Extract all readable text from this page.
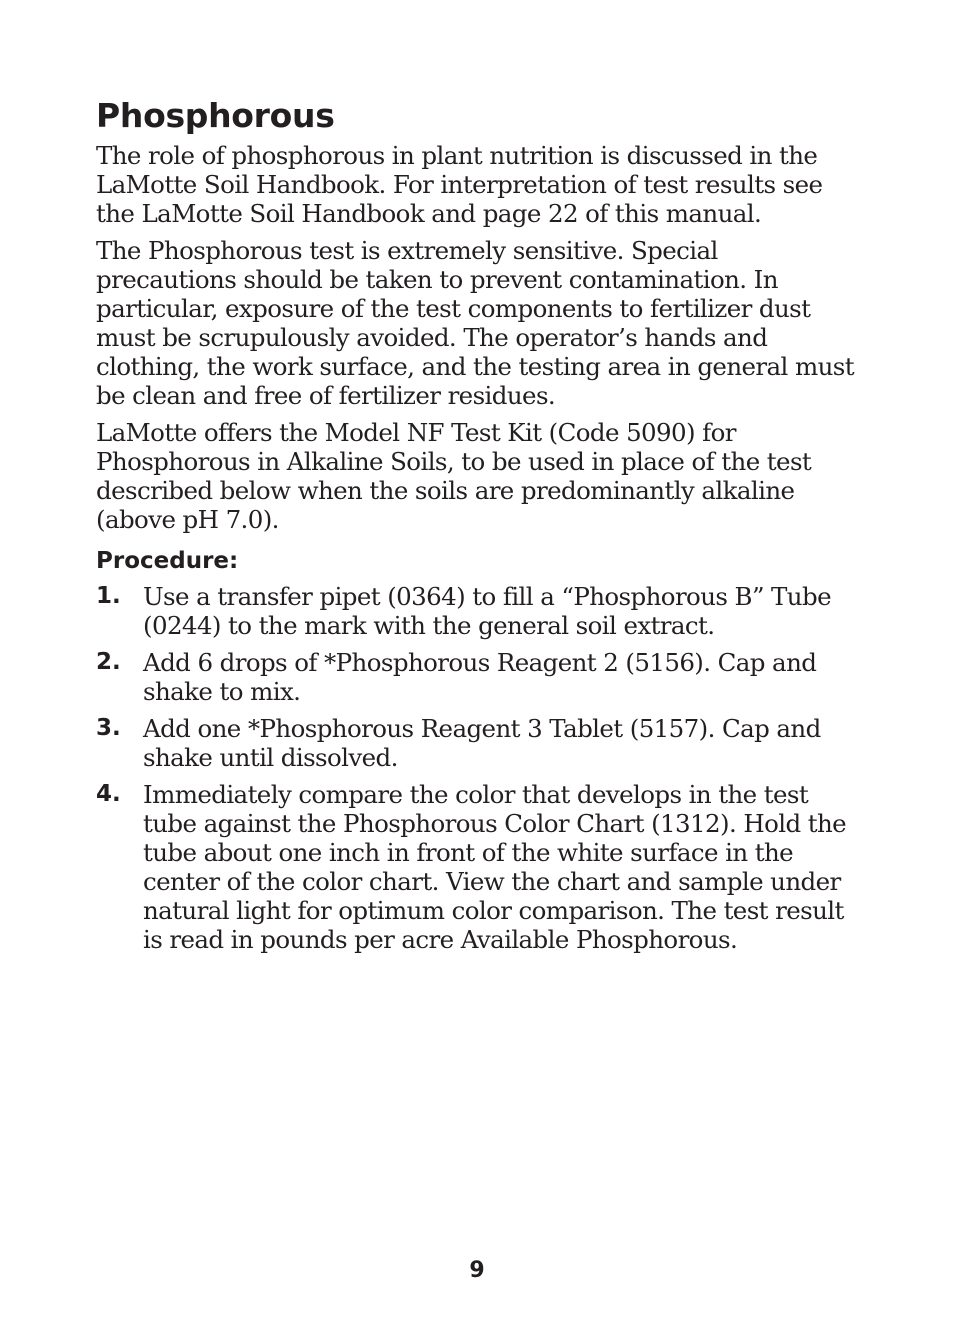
Phosphorous

The role of phosphorous in plant nutrition is discussed in the LaMotte Soil Handbook. For interpretation of test results see the LaMotte Soil Handbook and page 22 of this manual.

The Phosphorous test is extremely sensitive. Special precautions should be taken to prevent contamination. In particular, exposure of the test components to fertilizer dust must be scrupulously avoided. The operator’s hands and clothing, the work surface, and the testing area in general must be clean and free of fertilizer residues.

LaMotte offers the Model NF Test Kit (Code 5090) for Phosphorous in Alkaline Soils, to be used in place of the test described below when the soils are predominantly alkaline (above pH 7.0).

Procedure:
1. Use a transfer pipet (0364) to fill a “Phosphorous B” Tube (0244) to the mark with the general soil extract.
2. Add 6 drops of *Phosphorous Reagent 2 (5156). Cap and shake to mix.
3. Add one *Phosphorous Reagent 3 Tablet (5157). Cap and shake until dissolved.
4. Immediately compare the color that develops in the test tube against the Phosphorous Color Chart (1312). Hold the tube about one inch in front of the white surface in the center of the color chart. View the chart and sample under natural light for optimum color comparison. The test result is read in pounds per acre Available Phosphorous.
9
